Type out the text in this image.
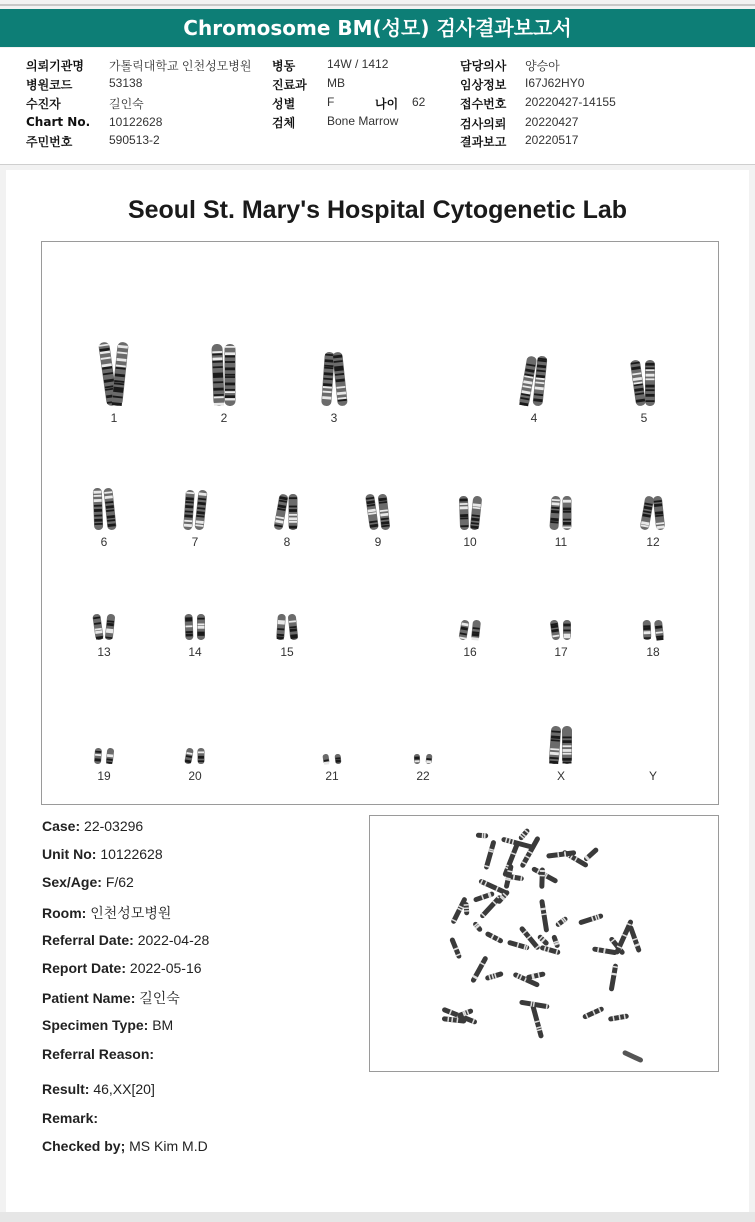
Chromosome BM(성모) 검사결과보고서
의뢰기관명 가톨릭대학교 인천성모병원
병원코드	53138
수진자	길인숙
Chart No. 10122628
주민번호	590513-2
병동	14W / 1412
진료과 MB
성별	F	나이 62
검체	Bone Marrow
담당의사 양승아
임상정보 I67J62HY0
접수번호 20220427-14155
검사의뢰 20220427
결과보고 20220517
Seoul St. Mary's Hospital Cytogenetic Lab
1	2	3	4	5
6	7	8	9	10	11	12
13	14	15	16	17	18
19	20	21	22	X	Y
Case: 22-03296
Unit No: 10122628
Sex/Age: F/62
Room: 인천성모병원
Referral Date: 2022-04-28
Report Date: 2022-05-16
Patient Name: 길인숙
Specimen Type: BM
Referral Reason:
Result: 46,XX[20]
Remark:
Checked by; MS Kim M.D
